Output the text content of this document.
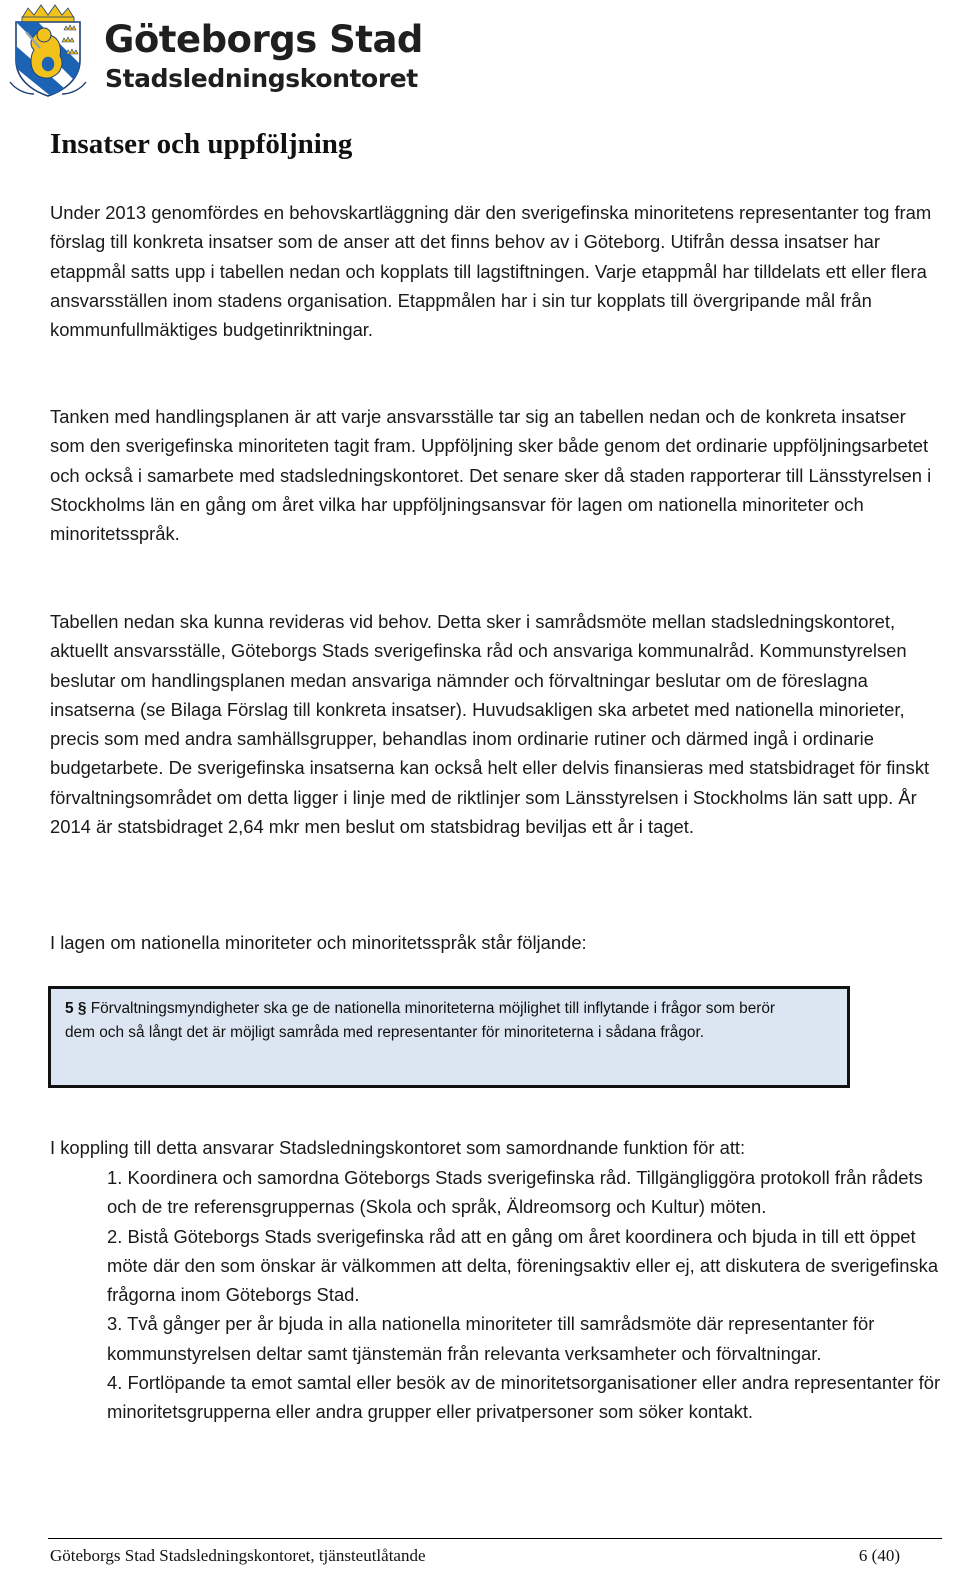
Göteborgs Stad
Stadsledningskontoret
Insatser och uppföljning

Under 2013 genomfördes en behovskartläggning där den sverigefinska minoritetens representanter tog fram förslag till konkreta insatser som de anser att det finns behov av i Göteborg. Utifrån dessa insatser har etappmål satts upp i tabellen nedan och kopplats till lagstiftningen. Varje etappmål har tilldelats ett eller flera ansvarsställen inom stadens organisation. Etappmålen har i sin tur kopplats till övergripande mål från kommunfullmäktiges budgetinriktningar.

Tanken med handlingsplanen är att varje ansvarsställe tar sig an tabellen nedan och de konkreta insatser som den sverigefinska minoriteten tagit fram. Uppföljning sker både genom det ordinarie uppföljningsarbetet och också i samarbete med stadsledningskontoret. Det senare sker då staden rapporterar till Länsstyrelsen i Stockholms län en gång om året vilka har uppföljningsansvar för lagen om nationella minoriteter och minoritetsspråk.

Tabellen nedan ska kunna revideras vid behov. Detta sker i samrådsmöte mellan stadsledningskontoret, aktuellt ansvarsställe, Göteborgs Stads sverigefinska råd och ansvariga kommunalråd. Kommunstyrelsen beslutar om handlingsplanen medan ansvariga nämnder och förvaltningar beslutar om de föreslagna insatserna (se Bilaga Förslag till konkreta insatser). Huvudsakligen ska arbetet med nationella minorieter, precis som med andra samhällsgrupper, behandlas inom ordinarie rutiner och därmed ingå i ordinarie budgetarbete. De sverigefinska insatserna kan också helt eller delvis finansieras med statsbidraget för finskt förvaltningsområdet om detta ligger i linje med de riktlinjer som Länsstyrelsen i Stockholms län satt upp. År 2014 är statsbidraget 2,64 mkr men beslut om statsbidrag beviljas ett år i taget.

I lagen om nationella minoriteter och minoritetsspråk står följande:

5 § Förvaltningsmyndigheter ska ge de nationella minoriteterna möjlighet till inflytande i frågor som berör dem och så långt det är möjligt samråda med representanter för minoriteterna i sådana frågor.

I koppling till detta ansvarar Stadsledningskontoret som samordnande funktion för att:

1. Koordinera och samordna Göteborgs Stads sverigefinska råd. Tillgängliggöra protokoll från rådets och de tre referensgruppernas (Skola och språk, Äldreomsorg och Kultur) möten.
2. Bistå Göteborgs Stads sverigefinska råd att en gång om året koordinera och bjuda in till ett öppet möte där den som önskar är välkommen att delta, föreningsaktiv eller ej, att diskutera de sverigefinska frågorna inom Göteborgs Stad.
3. Två gånger per år bjuda in alla nationella minoriteter till samrådsmöte där representanter för kommunstyrelsen deltar samt tjänstemän från relevanta verksamheter och förvaltningar.
4. Fortlöpande ta emot samtal eller besök av de minoritetsorganisationer eller andra representanter för minoritetsgrupperna eller andra grupper eller privatpersoner som söker kontakt.
Göteborgs Stad Stadsledningskontoret, tjänsteutlåtande	6 (40)
